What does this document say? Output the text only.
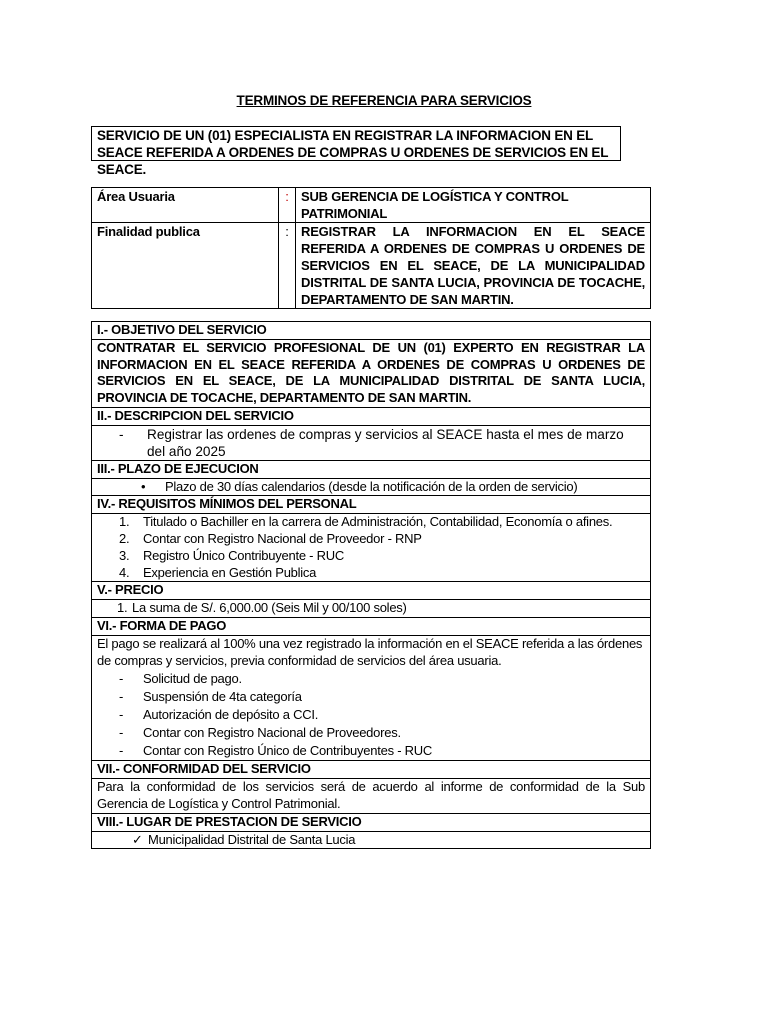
TERMINOS DE REFERENCIA PARA SERVICIOS
SERVICIO DE UN (01) ESPECIALISTA EN REGISTRAR LA INFORMACION EN EL SEACE REFERIDA A ORDENES DE COMPRAS U ORDENES DE SERVICIOS EN EL SEACE.
Área Usuaria	:	SUB GERENCIA DE LOGÍSTICA Y CONTROL PATRIMONIAL
Finalidad publica	:	REGISTRAR LA INFORMACION EN EL SEACE REFERIDA A ORDENES DE COMPRAS U ORDENES DE SERVICIOS EN EL SEACE, DE LA MUNICIPALIDAD DISTRITAL DE SANTA LUCIA, PROVINCIA DE TOCACHE, DEPARTAMENTO DE SAN MARTIN.
I.- OBJETIVO DEL SERVICIO
CONTRATAR EL SERVICIO PROFESIONAL DE UN (01) EXPERTO EN REGISTRAR LA INFORMACION EN EL SEACE REFERIDA A ORDENES DE COMPRAS U ORDENES DE SERVICIOS EN EL SEACE, DE LA MUNICIPALIDAD DISTRITAL DE SANTA LUCIA, PROVINCIA DE TOCACHE, DEPARTAMENTO DE SAN MARTIN.
II.- DESCRIPCION DEL SERVICIO

-	Registrar las ordenes de compras y servicios al SEACE hasta el mes de marzo del año 2025

III.- PLAZO DE EJECUCION

•	Plazo de 30 días calendarios (desde la notificación de la orden de servicio)

IV.- REQUISITOS MÍNIMOS DEL PERSONAL

1.	Titulado o Bachiller en la carrera de Administración, Contabilidad, Economía o afines.
2.	Contar con Registro Nacional de Proveedor - RNP
3.	Registro Único Contribuyente - RUC
4.	Experiencia en Gestión Publica

V.- PRECIO

1. La suma de S/. 6,000.00 (Seis Mil y 00/100 soles)

VI.- FORMA DE PAGO

El pago se realizará al 100% una vez registrado la información en el SEACE referida a las órdenes de compras y servicios, previa conformidad de servicios del área usuaria.
-	Solicitud de pago.
-	Suspensión de 4ta categoría
-	Autorización de depósito a CCI.
-	Contar con Registro Nacional de Proveedores.
-	Contar con Registro Único de Contribuyentes - RUC

VII.- CONFORMIDAD DEL SERVICIO
Para la conformidad de los servicios será de acuerdo al informe de conformidad de la Sub Gerencia de Logística y Control Patrimonial.
VIII.- LUGAR DE PRESTACION DE SERVICIO

✓ Municipalidad Distrital de Santa Lucia
